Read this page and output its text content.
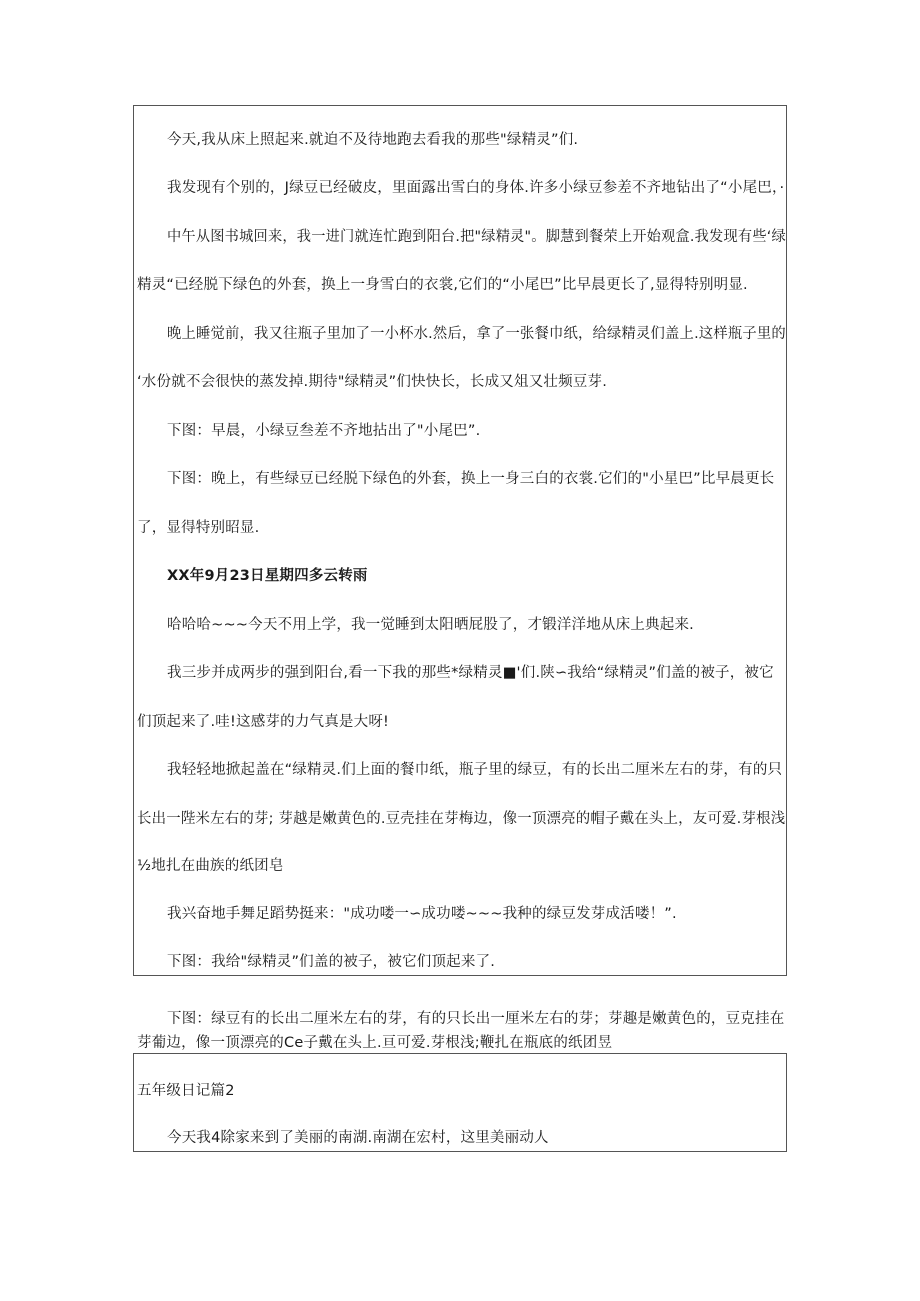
今天,我从床上照起来.就迫不及待地跑去看我的那些"绿精灵”们.
我发现有个别的，J绿豆已经破皮，里面露出雪白的身体.许多小绿豆参差不齐地钻出了“小尾巴，·
中午从图书城回来，我一进门就连忙跑到阳台.把"绿精灵"。脚慧到餐荣上开始观盒.我发现有些‘绿
精灵“已经脱下绿色的外套，换上一身雪白的衣裳,它们的“小尾巴”比早晨更长了,显得特别明显.
晚上睡觉前，我又往瓶子里加了一小杯水.然后，拿了一张餐巾纸，给绿精灵们盖上.这样瓶子里的
‘水份就不会很快的蒸发掉.期待"绿精灵”们快快长，长成又俎又壮频豆芽.
下图：早晨，小绿豆叁差不齐地拈出了"小尾巴”.
下图：晚上，有些绿豆已经脱下绿色的外套，换上一身三白的衣裳.它们的"小星巴”比早晨更长
了，显得特别昭显.
XX年9月23日星期四多云转雨
哈哈哈~~~今天不用上学，我一觉睡到太阳晒屁股了，才锻洋洋地从床上典起来.
我三步并成两步的强到阳台,看一下我的那些*绿精灵■'们.陕∽我给“绿精灵”们盖的被子，被它
们顶起来了.哇!这感芽的力气真是大呀!
我轻轻地掀起盖在“绿精灵.们上面的餐巾纸，瓶子里的绿豆，有的长出二厘米左右的芽，有的只
长出一陛米左右的芽; 芽越是嫩黄色的.豆壳挂在芽梅边，像一顶漂亮的帽子戴在头上，友可爱.芽根浅
½地扎在曲族的纸团皂
我兴奋地手舞足蹈势挺来："成功喽一∽成功喽~~~我种的绿豆发芽成活喽！”.
下图：我给"绿精灵”们盖的被子，被它们顶起来了.
下图：绿豆有的长出二厘米左右的芽，有的只长出一厘米左右的芽；芽趣是嫩黄色的，豆克挂在
芽葡边，像一顶漂亮的Ce子戴在头上.亘可爱.芽根浅;鞭扎在瓶底的纸团昱
五年级日记篇2
今天我4除家来到了美丽的南湖.南湖在宏村，这里美丽动人
